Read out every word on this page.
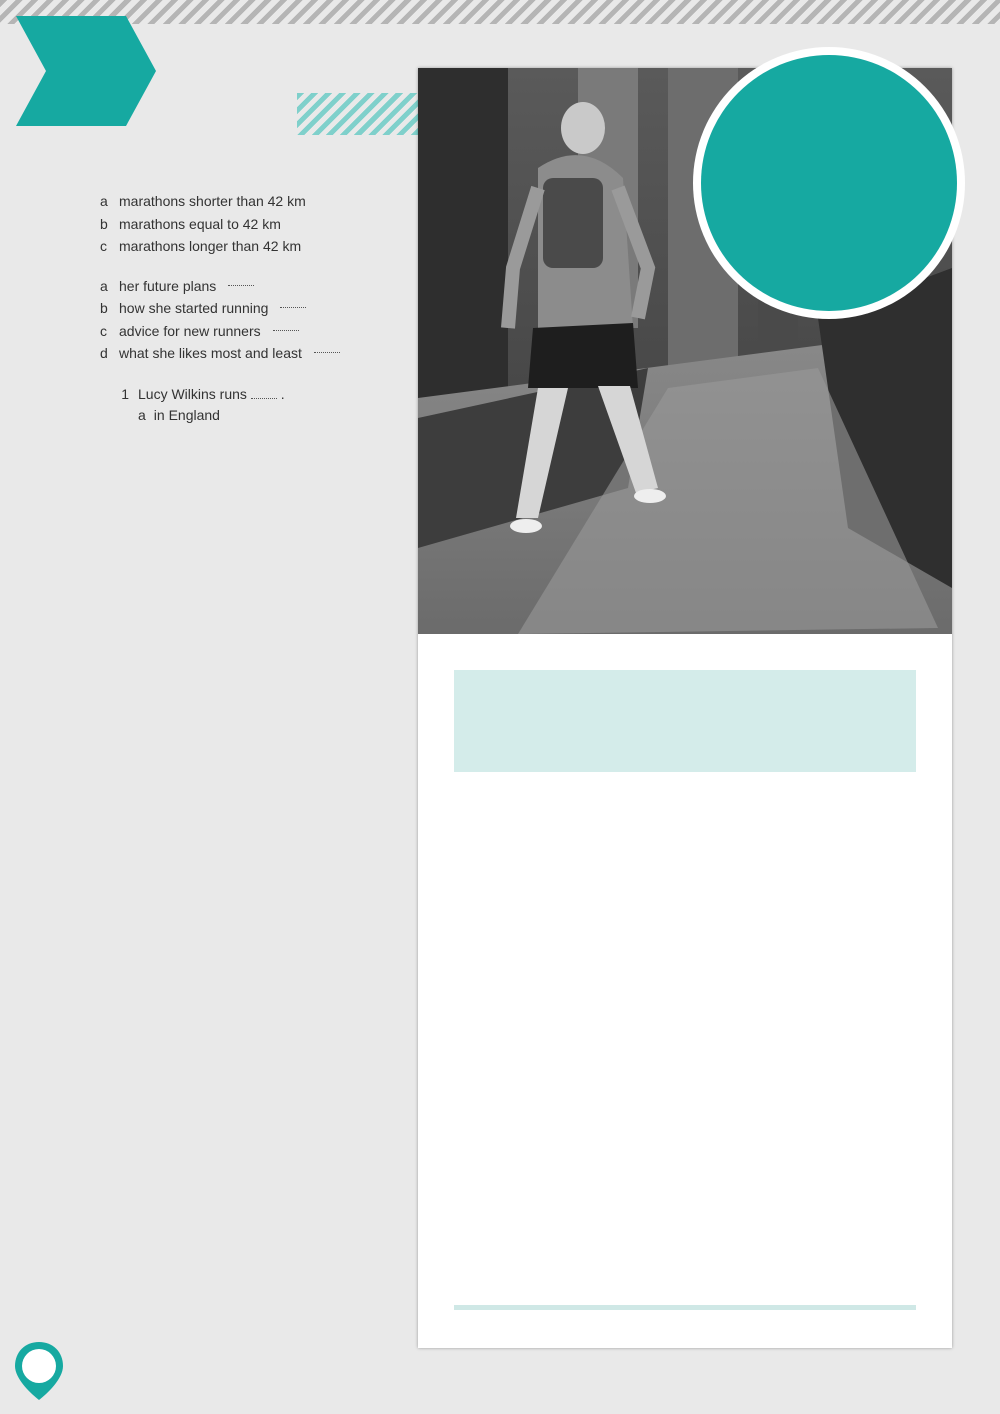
a marathons shorter than 42 km
b marathons equal to 42 km
c marathons longer than 42 km
a her future plans
b how she started running
c advice for new runners
d what she likes most and least
1 Lucy Wilkins runs  .
a in England
